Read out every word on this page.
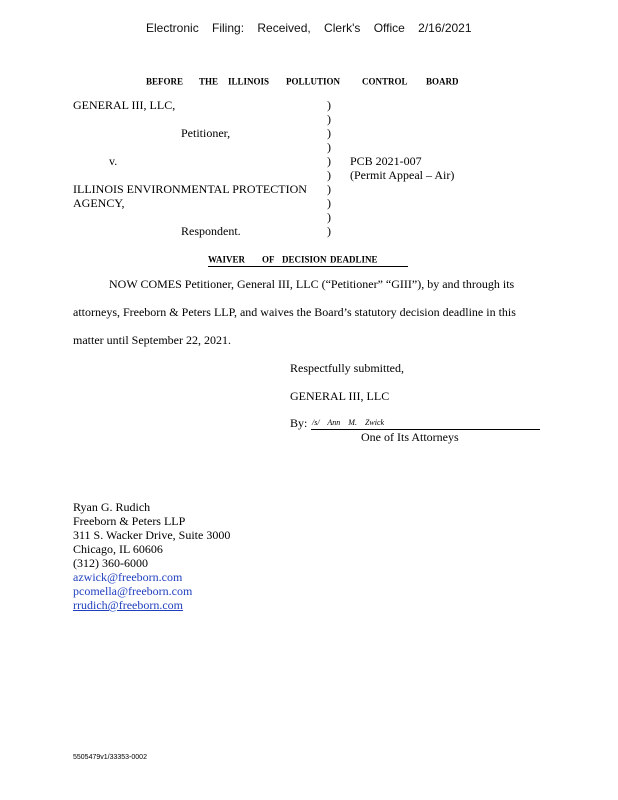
Electronic Filing: Received, Clerk's Office 2/16/2021
BEFORE THE ILLINOIS POLLUTION CONTROL BOARD
GENERAL III, LLC,
Petitioner,
v.
ILLINOIS ENVIRONMENTAL PROTECTION
AGENCY,
Respondent.
)
)
)
)
)
)
)
)
)
)
PCB 2021-007
(Permit Appeal – Air)
WAIVER OF DECISION DEADLINE
NOW COMES Petitioner, General III, LLC (“Petitioner” “GIII”), by and through its
attorneys, Freeborn & Peters LLP, and waives the Board’s statutory decision deadline in this
matter until September 22, 2021.
Respectfully submitted,
GENERAL III, LLC
By: /s/ Ann M. Zwick
One of Its Attorneys
Ryan G. Rudich
Freeborn & Peters LLP
311 S. Wacker Drive, Suite 3000
Chicago, IL 60606
(312) 360-6000
azwick@freeborn.com
pcomella@freeborn.com
rrudich@freeborn.com
5505479v1/33353-0002
